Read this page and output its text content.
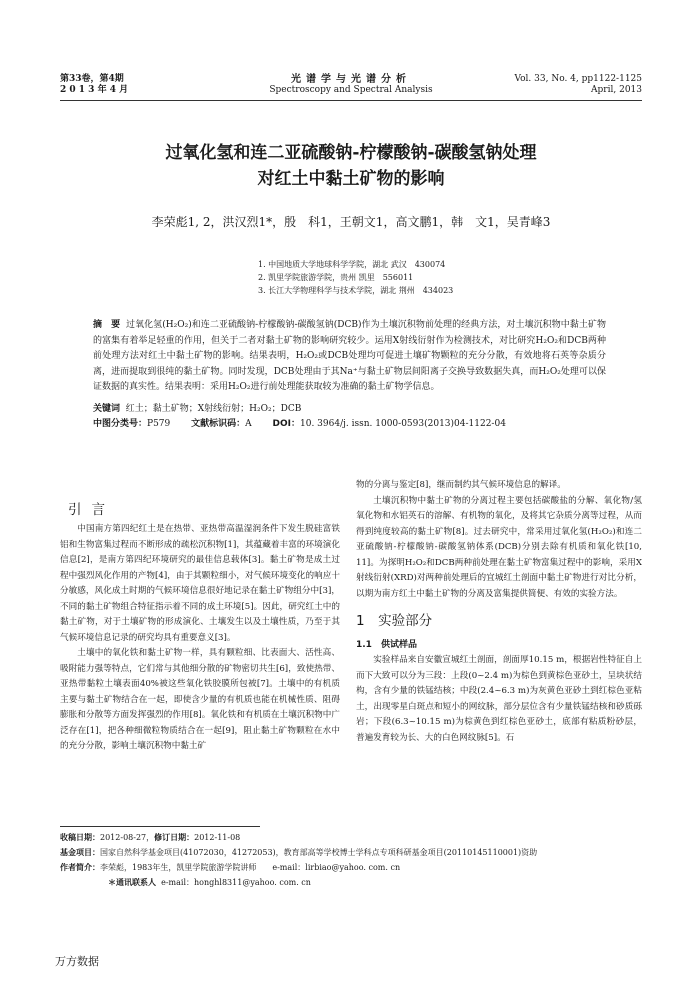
第33卷，第4期
2 0 1 3 年 4 月
光谱学与光谱分析
Spectroscopy and Spectral Analysis
Vol. 33, No. 4, pp1122-1125
April, 2013
过氧化氢和连二亚硫酸钠-柠檬酸钠-碳酸氢钠处理
对红土中黏土矿物的影响
李荣彪1, 2，洪汉烈1*，殷　科1，王朝文1，高文鹏1，韩　文1，吴青峰3
1. 中国地质大学地球科学学院，湖北 武汉　430074
2. 凯里学院旅游学院，贵州 凯里　556011
3. 长江大学物理科学与技术学院，湖北 荆州　434023
摘　要 过氧化氢(H₂O₂)和连二亚硫酸钠-柠檬酸钠-碳酸氢钠(DCB)作为土壤沉积物前处理的经典方法，对土壤沉积物中黏土矿物的富集有着举足轻重的作用，但关于二者对黏土矿物的影响研究较少。运用X射线衍射作为检测技术，对比研究H₂O₂和DCB两种前处理方法对红土中黏土矿物的影响。结果表明，H₂O₂或DCB处理均可促进土壤矿物颗粒的充分分散，有效地将石英等杂质分离，进而提取到很纯的黏土矿物。同时发现，DCB处理由于其Na⁺与黏土矿物层间阳离子交换导致数据失真，而H₂O₂处理可以保证数据的真实性。结果表明：采用H₂O₂进行前处理能获取较为准确的黏土矿物学信息。
关键词 红土；黏土矿物；X射线衍射；H₂O₂；DCB
中图分类号：P579 文献标识码：A DOI：10. 3964/j. issn. 1000-0593(2013)04-1122-04
引言

中国南方第四纪红土是在热带、亚热带高温湿润条件下发生脱硅富铁铝和生物富集过程而不断形成的疏松沉积物[1]，其蕴藏着丰富的环境演化信息[2]，是南方第四纪环境研究的最佳信息载体[3]。黏土矿物是成土过程中强烈风化作用的产物[4]，由于其颗粒细小，对气候环境变化的响应十分敏感，风化成土时期的气候环境信息很好地记录在黏土矿物组分中[3]，不同的黏土矿物组合特征指示着不同的成土环境[5]。因此，研究红土中的黏土矿物，对于土壤矿物的形成演化、土壤发生以及土壤性质，乃至于其气候环境信息记录的研究均具有重要意义[3]。

土壤中的氧化铁和黏土矿物一样，具有颗粒细、比表面大、活性高、吸附能力强等特点，它们常与其他细分散的矿物密切共生[6]，致使热带、亚热带黏粒土壤表面40%被这些氧化铁胶膜所包被[7]。土壤中的有机质主要与黏土矿物结合在一起，即使含少量的有机质也能在机械性质、阻碍膨胀和分散等方面发挥强烈的作用[8]。氧化铁和有机质在土壤沉积物中广泛存在[1]，把各种细微粒物质结合在一起[9]，阻止黏土矿物颗粒在水中的充分分散，影响土壤沉积物中黏土矿

物的分离与鉴定[8]，继而制约其气候环境信息的解译。

土壤沉积物中黏土矿物的分离过程主要包括碳酸盐的分解、氧化物/氢氧化物和水铝英石的溶解、有机物的氧化，及将其它杂质分离等过程，从而得到纯度较高的黏土矿物[8]。过去研究中，常采用过氧化氢(H₂O₂)和连二亚硫酸钠-柠檬酸钠-碳酸氢钠体系(DCB)分别去除有机质和氧化铁[10, 11]。为探明H₂O₂和DCB两种前处理在黏土矿物富集过程中的影响，采用X射线衍射(XRD)对两种前处理后的宜城红土剖面中黏土矿物进行对比分析，以期为南方红土中黏土矿物的分离及富集提供简便、有效的实验方法。

1　实验部分
1.1　供试样品

实验样品来自安徽宣城红土剖面，剖面厚10.15 m，根据岩性特征自上而下大致可以分为三段：上段(0~2.4 m)为棕色到黄棕色亚砂土，呈块状结构，含有少量的铁锰结核；中段(2.4~6.3 m)为灰黄色亚砂土到红棕色亚粘土，出现零星白斑点和短小的网纹脉，部分层位含有少量铁锰结核和砂质砾岩；下段(6.3~10.15 m)为棕黄色到红棕色亚砂土，底部有粘质粉砂层，普遍发育较为长、大的白色网纹脉[5]。石

收稿日期：2012-08-27，修订日期：2012-11-08
基金项目：国家自然科学基金项目(41072030，41272053)，教育部高等学校博士学科点专项科研基金项目(20110145110001)资助
作者简介：李荣彪，1983年生，凯里学院旅游学院讲师　　e-mail：lirbiao@yahoo. com. cn
＊通讯联系人 e-mail：honghl8311@yahoo. com. cn
万方数据
